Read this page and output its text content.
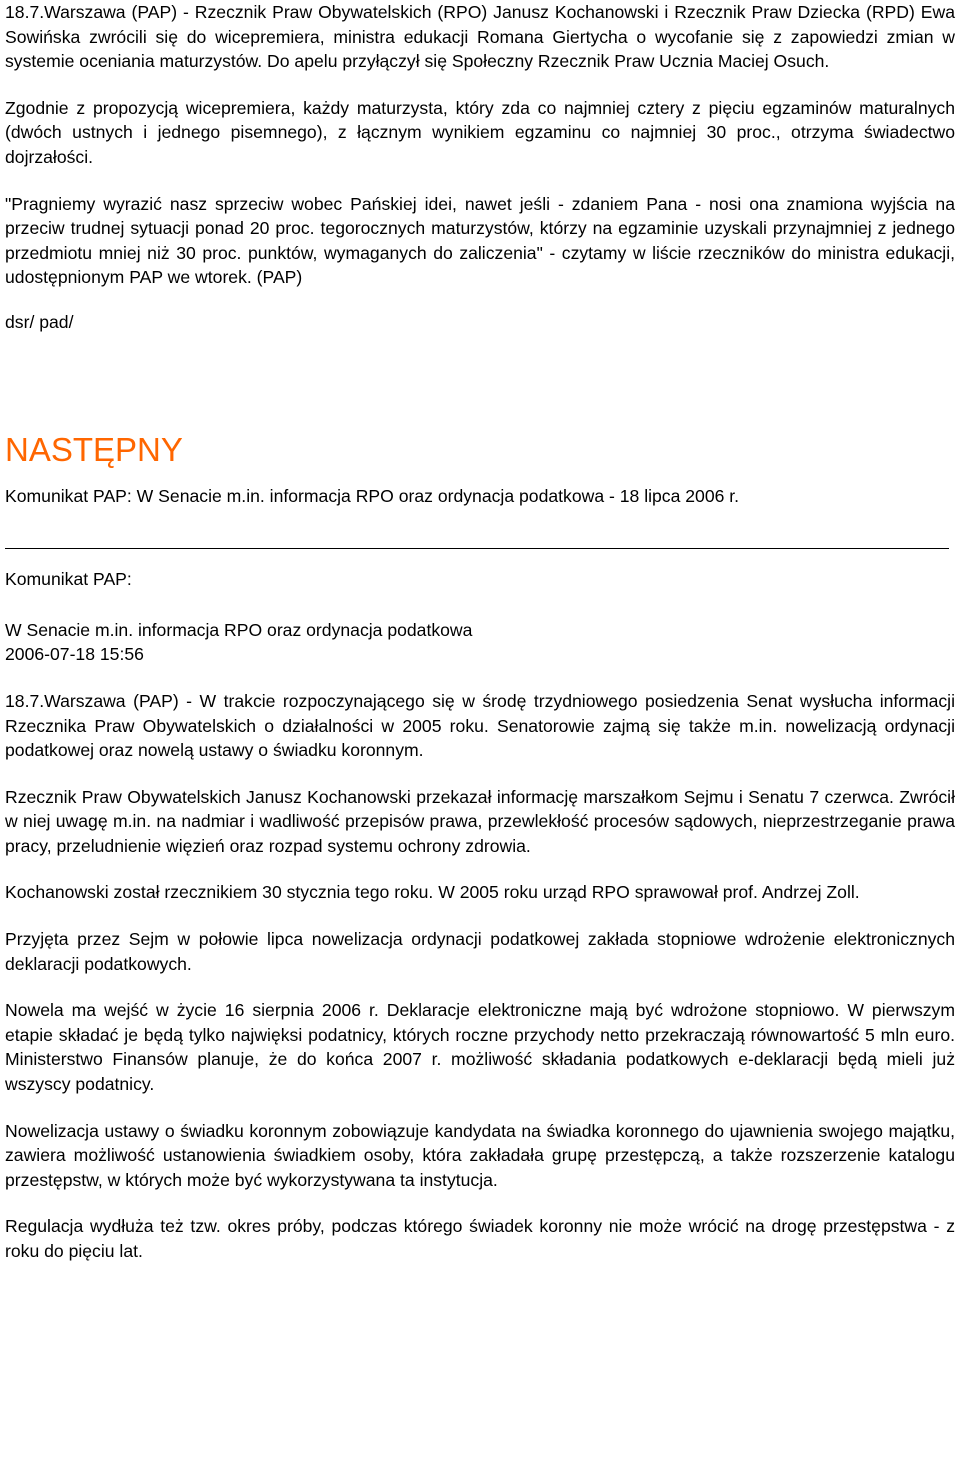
18.7.Warszawa (PAP) - Rzecznik Praw Obywatelskich (RPO) Janusz Kochanowski i Rzecznik Praw Dziecka (RPD) Ewa Sowińska zwrócili się do wicepremiera, ministra edukacji Romana Giertycha o wycofanie się z zapowiedzi zmian w systemie oceniania maturzystów. Do apelu przyłączył się Społeczny Rzecznik Praw Ucznia Maciej Osuch.

Zgodnie z propozycją wicepremiera, każdy maturzysta, który zda co najmniej cztery z pięciu egzaminów maturalnych (dwóch ustnych i jednego pisemnego), z łącznym wynikiem egzaminu co najmniej 30 proc., otrzyma świadectwo dojrzałości.

"Pragniemy wyrazić nasz sprzeciw wobec Pańskiej idei, nawet jeśli - zdaniem Pana - nosi ona znamiona wyjścia na przeciw trudnej sytuacji ponad 20 proc. tegorocznych maturzystów, którzy na egzaminie uzyskali przynajmniej z jednego przedmiotu mniej niż 30 proc. punktów, wymaganych do zaliczenia" - czytamy w liście rzeczników do ministra edukacji, udostępnionym PAP we wtorek. (PAP)

dsr/ pad/

NASTĘPNY

Komunikat PAP: W Senacie m.in. informacja RPO oraz ordynacja podatkowa - 18 lipca 2006 r.

Komunikat PAP:

W Senacie m.in. informacja RPO oraz ordynacja podatkowa

2006-07-18 15:56

18.7.Warszawa (PAP) - W trakcie rozpoczynającego się w środę trzydniowego posiedzenia Senat wysłucha informacji Rzecznika Praw Obywatelskich o działalności w 2005 roku. Senatorowie zajmą się także m.in. nowelizacją ordynacji podatkowej oraz nowelą ustawy o świadku koronnym.

Rzecznik Praw Obywatelskich Janusz Kochanowski przekazał informację marszałkom Sejmu i Senatu 7 czerwca. Zwrócił w niej uwagę m.in. na nadmiar i wadliwość przepisów prawa, przewlekłość procesów sądowych, nieprzestrzeganie prawa pracy, przeludnienie więzień oraz rozpad systemu ochrony zdrowia.

Kochanowski został rzecznikiem 30 stycznia tego roku. W 2005 roku urząd RPO sprawował prof. Andrzej Zoll.

Przyjęta przez Sejm w połowie lipca nowelizacja ordynacji podatkowej zakłada stopniowe wdrożenie elektronicznych deklaracji podatkowych.

Nowela ma wejść w życie 16 sierpnia 2006 r. Deklaracje elektroniczne mają być wdrożone stopniowo. W pierwszym etapie składać je będą tylko najwięksi podatnicy, których roczne przychody netto przekraczają równowartość 5 mln euro. Ministerstwo Finansów planuje, że do końca 2007 r. możliwość składania podatkowych e-deklaracji będą mieli już wszyscy podatnicy.

Nowelizacja ustawy o świadku koronnym zobowiązuje kandydata na świadka koronnego do ujawnienia swojego majątku, zawiera możliwość ustanowienia świadkiem osoby, która zakładała grupę przestępczą, a także rozszerzenie katalogu przestępstw, w których może być wykorzystywana ta instytucja.

Regulacja wydłuża też tzw. okres próby, podczas którego świadek koronny nie może wrócić na drogę przestępstwa - z roku do pięciu lat.
